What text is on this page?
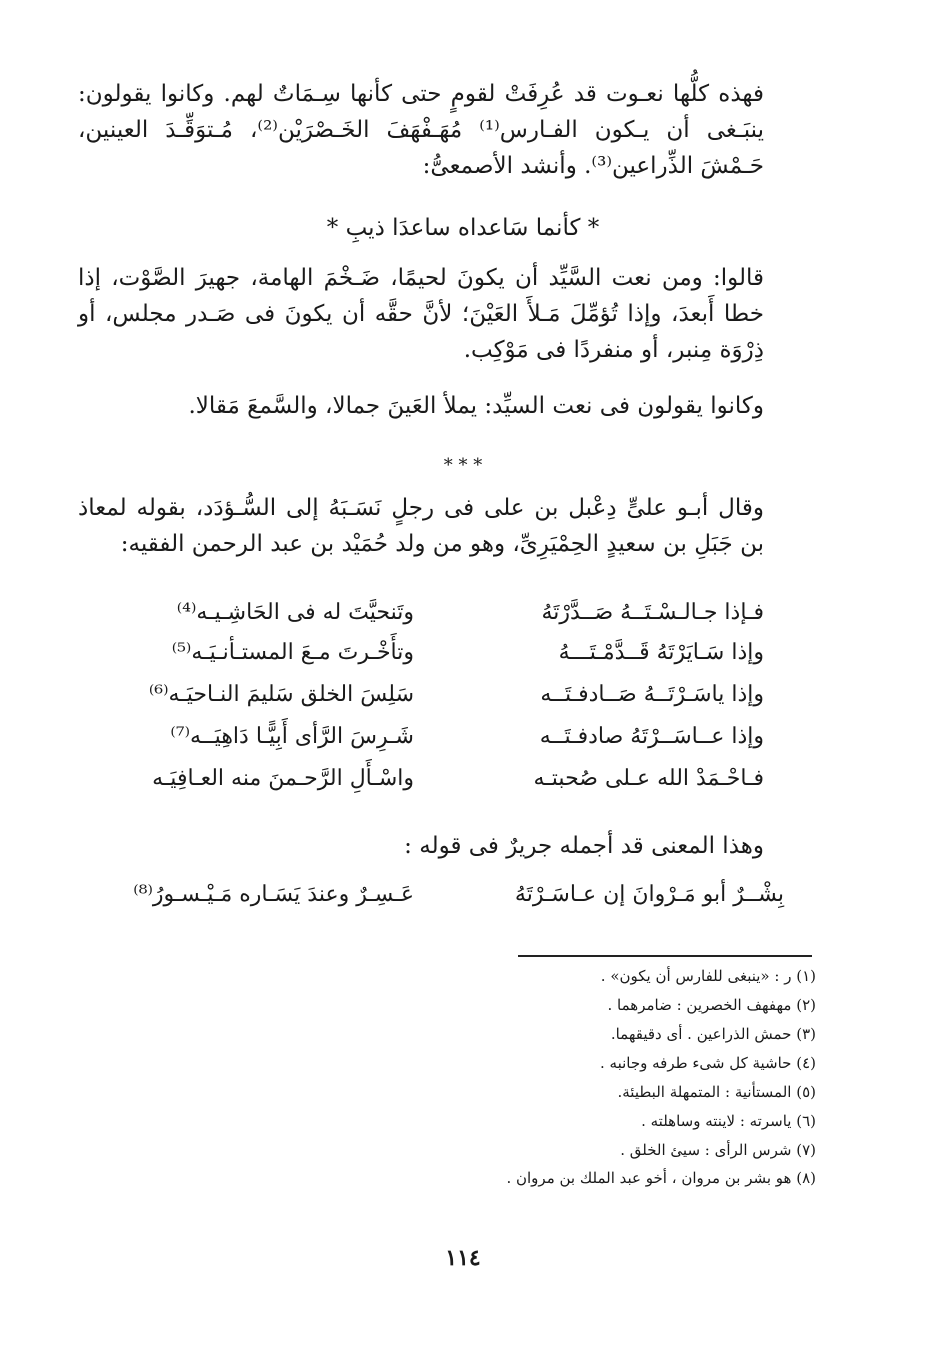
فهذه كلُّها نعـوت قد عُرِفَتْ لقومٍ حتى كأنها سِـمَاتٌ لهم. وكانوا يقولون: ينبَـغى أن يـكون الفـارس⁽¹⁾ مُهَـفْهَفَ الخَـصْرَيْن⁽²⁾، مُـتوَقِّـدَ العينين، حَـمْشَ الذِّراعين⁽³⁾. وأنشد الأصمعىُّ:

* كأنما سَاعداه ساعدَا ذيبِ *

قالوا: ومن نعت السَّيِّد أن يكونَ لحيمًا، ضَـخْمَ الهامة، جهيرَ الصَّوْت، إذا خطا أَبعدَ، وإذا تُؤمِّلَ مَـلأَ العَيْنَ؛ لأنَّ حقَّه أن يكونَ فى صَـدر مجلس، أو ذِرْوَة مِنبر، أو منفردًا فى مَوْكِب.

وكانوا يقولون فى نعت السيِّد: يملأ العَينَ جمالا، والسَّمعَ مَقالا.

* * *

وقال أبـو علىٍّ دِعْبل بن على فى رجلٍ نَسَـبَهُ إلى السُّـؤدَد، بقوله لمعاذ بن جَبَلِ بن سعيدٍ الحِمْيَرِىِّ، وهو من ولد حُمَيْد بن عبد الرحمن الفقيه:

فـإذا جـالـسْـتَــهُ صَــدَّرْتَهُ
وتَنحيَّتَ له فى الحَاشِـيـه⁽⁴⁾
وإذا سَـايَرْتَهُ قَــدَّمْـتَـــهُ
وتأَخْـرتَ مـعَ المستـأنـيَـه⁽⁵⁾
وإذا ياسَـرْتَــهُ صَــادفـتَــه
سَلِسَ الخلق سَليمَ النـاحيَـه⁽⁶⁾
وإذا عــاسَــرْتَهُ صادفـتَــه
شَـرِسَ الرَّأى أَبِيًّـا دَاهِيَــه⁽⁷⁾
فـاحْـمَدْ الله عـلى صُحبتـه
واسْـأَلِ الرَّحـمنَ منه العـافِيَـه

وهذا المعنى قد أجمله جريرٌ فى قوله :

بِشْــرٌ أبو مَـرْوانَ إن عـاسَـرْتَهُ
عَـسِـرٌ وعندَ يَسَـاره مَـيْـسـورُ⁽⁸⁾
(١) ر : «ينبغى للفارس أن يكون» .
(٢) مهفهف الخصرين : ضامرهما .
(٣) حمش الذراعين . أى دقيقهما.
(٤) حاشية كل شىء طرفه وجانبه .
(٥) المستأنية : المتمهلة البطيئة.
(٦) ياسرته : لاينته وساهلته .
(٧) شرس الرأى : سيئ الخلق .
(٨) هو بشر بن مروان ، أخو عبد الملك بن مروان .
١١٤
